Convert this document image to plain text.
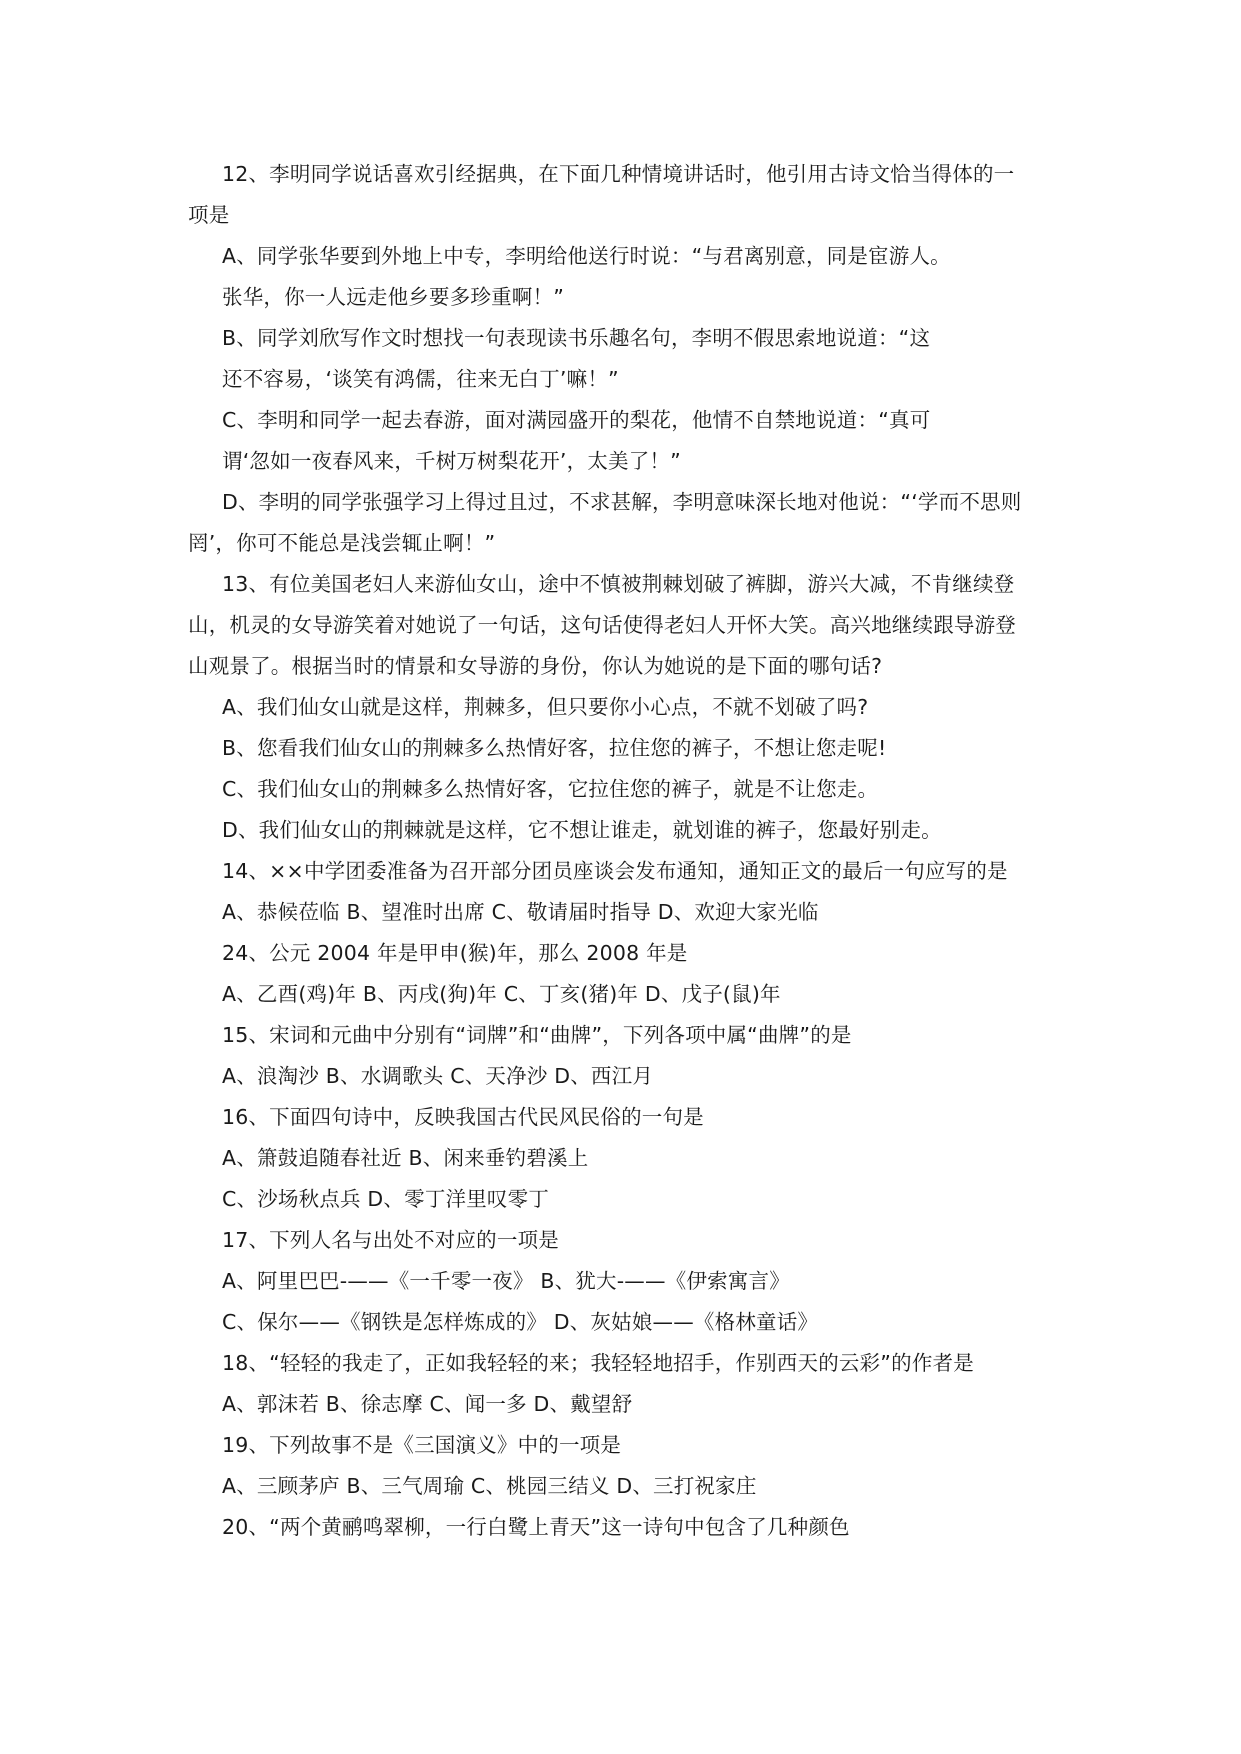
12、李明同学说话喜欢引经据典，在下面几种情境讲话时，他引用古诗文恰当得体的一
项是
A、同学张华要到外地上中专，李明给他送行时说：“与君离别意，同是宦游人。
张华，你一人远走他乡要多珍重啊！”
B、同学刘欣写作文时想找一句表现读书乐趣名句，李明不假思索地说道：“这
还不容易，‘谈笑有鸿儒，往来无白丁’嘛！”
C、李明和同学一起去春游，面对满园盛开的梨花，他情不自禁地说道：“真可
谓‘忽如一夜春风来，千树万树梨花开’，太美了！”
D、李明的同学张强学习上得过且过，不求甚解，李明意味深长地对他说：“‘学而不思则
罔’，你可不能总是浅尝辄止啊！”
13、有位美国老妇人来游仙女山，途中不慎被荆棘划破了裤脚，游兴大减，不肯继续登
山，机灵的女导游笑着对她说了一句话，这句话使得老妇人开怀大笑。高兴地继续跟导游登
山观景了。根据当时的情景和女导游的身份，你认为她说的是下面的哪句话?
A、我们仙女山就是这样，荆棘多，但只要你小心点，不就不划破了吗?
B、您看我们仙女山的荆棘多么热情好客，拉住您的裤子，不想让您走呢!
C、我们仙女山的荆棘多么热情好客，它拉住您的裤子，就是不让您走。
D、我们仙女山的荆棘就是这样，它不想让谁走，就划谁的裤子，您最好别走。
14、××中学团委准备为召开部分团员座谈会发布通知，通知正文的最后一句应写的是
A、恭候莅临 B、望准时出席 C、敬请届时指导 D、欢迎大家光临
24、公元 2004 年是甲申(猴)年，那么 2008 年是
A、乙酉(鸡)年 B、丙戌(狗)年 C、丁亥(猪)年 D、戊子(鼠)年
15、宋词和元曲中分别有“词牌”和“曲牌”，下列各项中属“曲牌”的是
A、浪淘沙 B、水调歌头 C、天净沙 D、西江月
16、下面四句诗中，反映我国古代民风民俗的一句是
A、箫鼓追随春社近 B、闲来垂钓碧溪上
C、沙场秋点兵 D、零丁洋里叹零丁
17、下列人名与出处不对应的一项是
A、阿里巴巴-——《一千零一夜》 B、犹大-——《伊索寓言》
C、保尔——《钢铁是怎样炼成的》 D、灰姑娘——《格林童话》
18、“轻轻的我走了，正如我轻轻的来；我轻轻地招手，作别西天的云彩”的作者是
A、郭沫若 B、徐志摩 C、闻一多 D、戴望舒
19、下列故事不是《三国演义》中的一项是
A、三顾茅庐 B、三气周瑜 C、桃园三结义 D、三打祝家庄
20、“两个黄鹂鸣翠柳，一行白鹭上青天”这一诗句中包含了几种颜色
